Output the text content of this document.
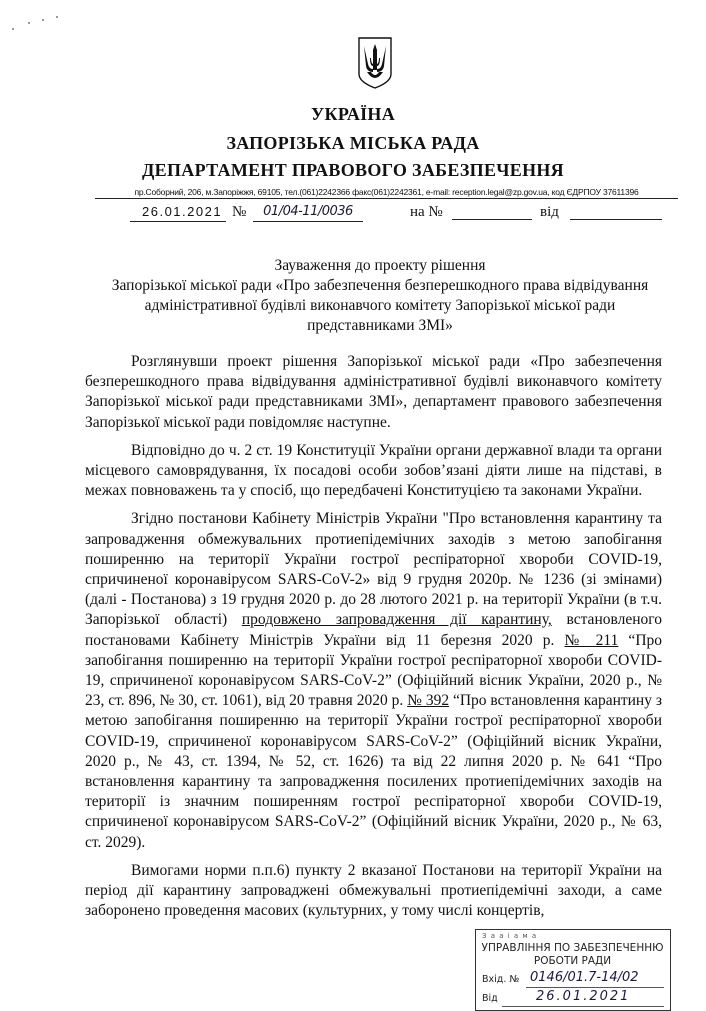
УКРАЇНА
ЗАПОРІЗЬКА МІСЬКА РАДА
ДЕПАРТАМЕНТ ПРАВОВОГО ЗАБЕЗПЕЧЕННЯ
пр.Соборний, 206, м.Запоріжжя, 69105, тел.(061)2242366 факс(061)2242361, e-mail: reception.legal@zp.gov.ua, код ЄДРПОУ 37611396
26.01.2021 №	01/04-11/0036	на №	від
Зауваження до проекту рішення
Запорізької міської ради «Про забезпечення безперешкодного права відвідування адміністративної будівлі виконавчого комітету Запорізької міської ради представниками ЗМІ»

Розглянувши проект рішення Запорізької міської ради «Про забезпечення безперешкодного права відвідування адміністративної будівлі виконавчого комітету Запорізької міської ради представниками ЗМІ», департамент правового забезпечення Запорізької міської ради повідомляє наступне.

Відповідно до ч. 2 ст. 19 Конституції України органи державної влади та органи місцевого самоврядування, їх посадові особи зобов’язані діяти лише на підставі, в межах повноважень та у спосіб, що передбачені Конституцією та законами України.

Згідно постанови Кабінету Міністрів України "Про встановлення карантину та запровадження обмежувальних протиепідемічних заходів з метою запобігання поширенню на території України гострої респіраторної хвороби COVID-19, спричиненої коронавірусом SARS-CoV-2» від 9 грудня 2020р. № 1236 (зі змінами) (далі - Постанова) з 19 грудня 2020 р. до 28 лютого 2021 р. на території України (в т.ч. Запорізької області) продовжено запровадження дії карантину, встановленого постановами Кабінету Міністрів України від 11 березня 2020 р. № 211 “Про запобігання поширенню на території України гострої респіраторної хвороби COVID-19, спричиненої коронавірусом SARS-CoV-2” (Офіційний вісник України, 2020 р., № 23, ст. 896, № 30, ст. 1061), від 20 травня 2020 р. № 392 “Про встановлення карантину з метою запобігання поширенню на території України гострої респіраторної хвороби COVID-19, спричиненої коронавірусом SARS-CoV-2” (Офіційний вісник України, 2020 р., № 43, ст. 1394, № 52, ст. 1626) та від 22 липня 2020 р. № 641 “Про встановлення карантину та запровадження посилених протиепідемічних заходів на території із значним поширенням гострої респіраторної хвороби COVID-19, спричиненої коронавірусом SARS-CoV-2” (Офіційний вісник України, 2020 р., № 63, ст. 2029).

Вимогами норми п.п.6) пункту 2 вказаної Постанови на території України на період дії карантину запроваджені обмежувальні протиепідемічні заходи, а саме заборонено проведення масових (культурних, у тому числі концертів,

З а а і а м а
УПРАВЛІННЯ ПО ЗАБЕЗПЕЧЕННЮ
РОБОТИ РАДИ
Вхід. № 0146/01.7-14/02
Від	26.01.2021
